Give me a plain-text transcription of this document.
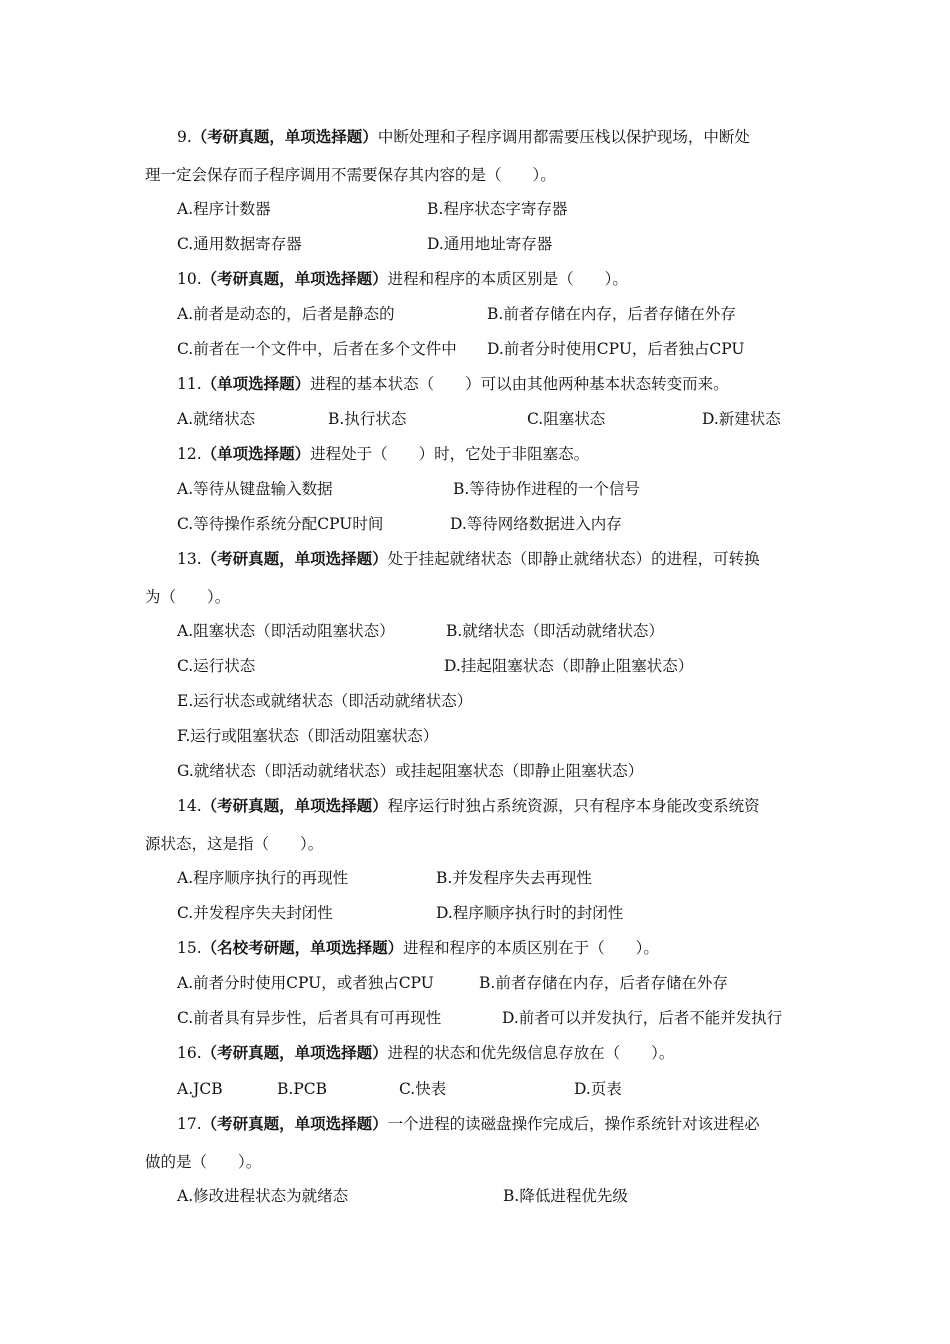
9.（考研真题，单项选择题）中断处理和子程序调用都需要压栈以保护现场，中断处
理一定会保存而子程序调用不需要保存其内容的是（　　）。
A.程序计数器	B.程序状态字寄存器
C.通用数据寄存器	D.通用地址寄存器
10.（考研真题，单项选择题）进程和程序的本质区别是（　　）。
A.前者是动态的，后者是静态的	B.前者存储在内存，后者存储在外存
C.前者在一个文件中，后者在多个文件中 D.前者分时使用CPU，后者独占CPU
11.（单项选择题）进程的基本状态（　　）可以由其他两种基本状态转变而来。
A.就绪状态	B.执行状态	C.阻塞状态	D.新建状态
12.（单项选择题）进程处于（　　）时，它处于非阻塞态。
A.等待从键盘输入数据	B.等待协作进程的一个信号
C.等待操作系统分配CPU时间	D.等待网络数据进入内存
13.（考研真题，单项选择题）处于挂起就绪状态（即静止就绪状态）的进程，可转换
为（　　）。
A.阻塞状态（即活动阻塞状态）	B.就绪状态（即活动就绪状态）
C.运行状态	D.挂起阻塞状态（即静止阻塞状态）
E.运行状态或就绪状态（即活动就绪状态）
F.运行或阻塞状态（即活动阻塞状态）
G.就绪状态（即活动就绪状态）或挂起阻塞状态（即静止阻塞状态）
14.（考研真题，单项选择题）程序运行时独占系统资源，只有程序本身能改变系统资
源状态，这是指（　　）。
A.程序顺序执行的再现性	B.并发程序失去再现性
C.并发程序失夫封闭性	D.程序顺序执行时的封闭性
15.（名校考研题，单项选择题）进程和程序的本质区别在于（　　）。
A.前者分时使用CPU，或者独占CPU	B.前者存储在内存，后者存储在外存
C.前者具有异步性，后者具有可再现性	D.前者可以并发执行，后者不能并发执行
16.（考研真题，单项选择题）进程的状态和优先级信息存放在（　　）。
A.JCB	B.PCB	C.快表	D.页表
17.（考研真题，单项选择题）一个进程的读磁盘操作完成后，操作系统针对该进程必
做的是（　　）。
A.修改进程状态为就绪态	B.降低进程优先级
